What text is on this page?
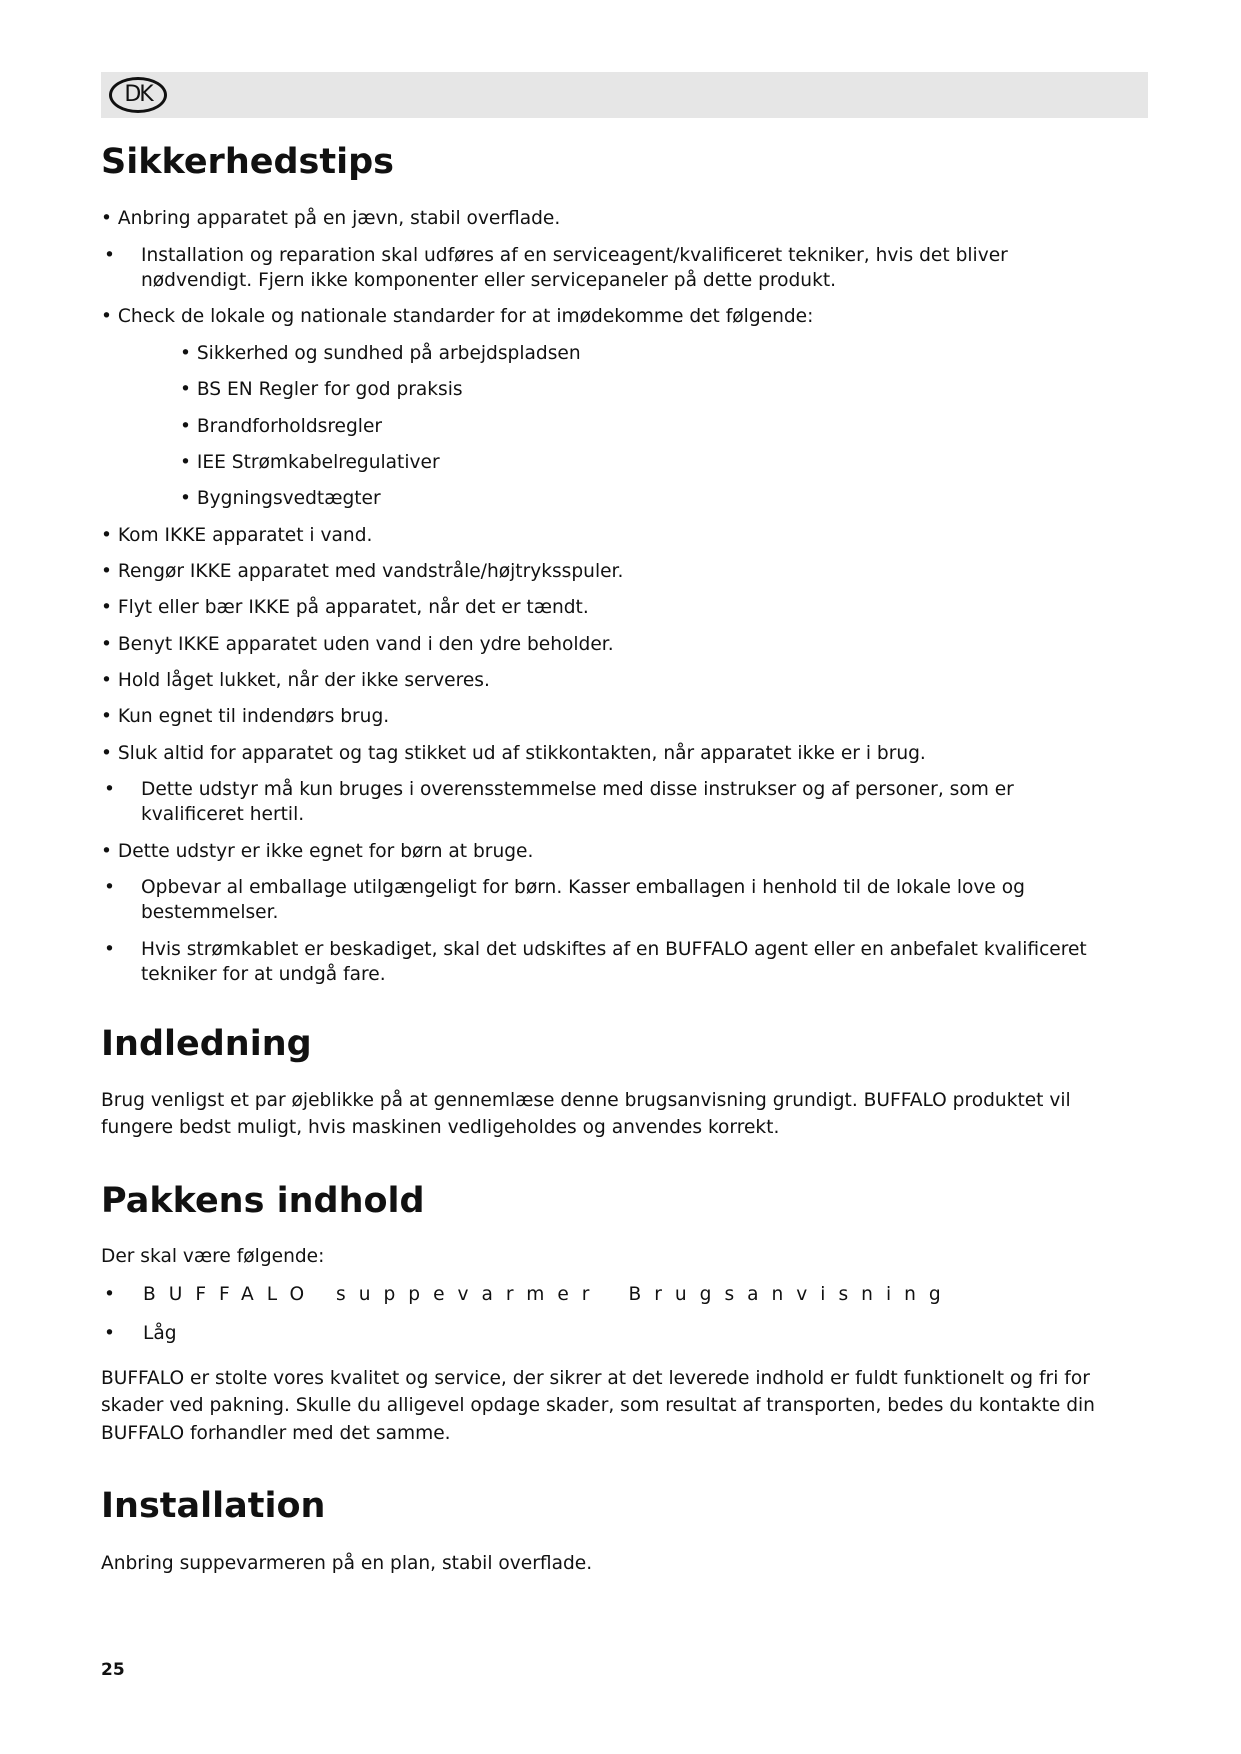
DK
Sikkerhedstips
• Anbring apparatet på en jævn, stabil overflade.
• Installation og reparation skal udføres af en serviceagent/kvalificeret tekniker, hvis det bliver
nødvendigt. Fjern ikke komponenter eller servicepaneler på dette produkt.
• Check de lokale og nationale standarder for at imødekomme det følgende:
• Sikkerhed og sundhed på arbejdspladsen
• BS EN Regler for god praksis
• Brandforholdsregler
• IEE Strømkabelregulativer
• Bygningsvedtægter
• Kom IKKE apparatet i vand.
• Rengør IKKE apparatet med vandstråle/højtryksspuler.
• Flyt eller bær IKKE på apparatet, når det er tændt.
• Benyt IKKE apparatet uden vand i den ydre beholder.
• Hold låget lukket, når der ikke serveres.
• Kun egnet til indendørs brug.
• Sluk altid for apparatet og tag stikket ud af stikkontakten, når apparatet ikke er i brug.
• Dette udstyr må kun bruges i overensstemmelse med disse instrukser og af personer, som er
kvalificeret hertil.
• Dette udstyr er ikke egnet for børn at bruge.
• Opbevar al emballage utilgængeligt for børn. Kasser emballagen i henhold til de lokale love og
bestemmelser.
• Hvis strømkablet er beskadiget, skal det udskiftes af en BUFFALO agent eller en anbefalet kvalificeret
tekniker for at undgå fare.
Indledning
Brug venligst et par øjeblikke på at gennemlæse denne brugsanvisning grundigt. BUFFALO produktet vil
fungere bedst muligt, hvis maskinen vedligeholdes og anvendes korrekt.
Pakkens indhold
Der skal være følgende:
• BUFFALO suppevarmer Brugsanvisning
• Låg
BUFFALO er stolte vores kvalitet og service, der sikrer at det leverede indhold er fuldt funktionelt og fri for
skader ved pakning. Skulle du alligevel opdage skader, som resultat af transporten, bedes du kontakte din
BUFFALO forhandler med det samme.
Installation
Anbring suppevarmeren på en plan, stabil overflade.
25
